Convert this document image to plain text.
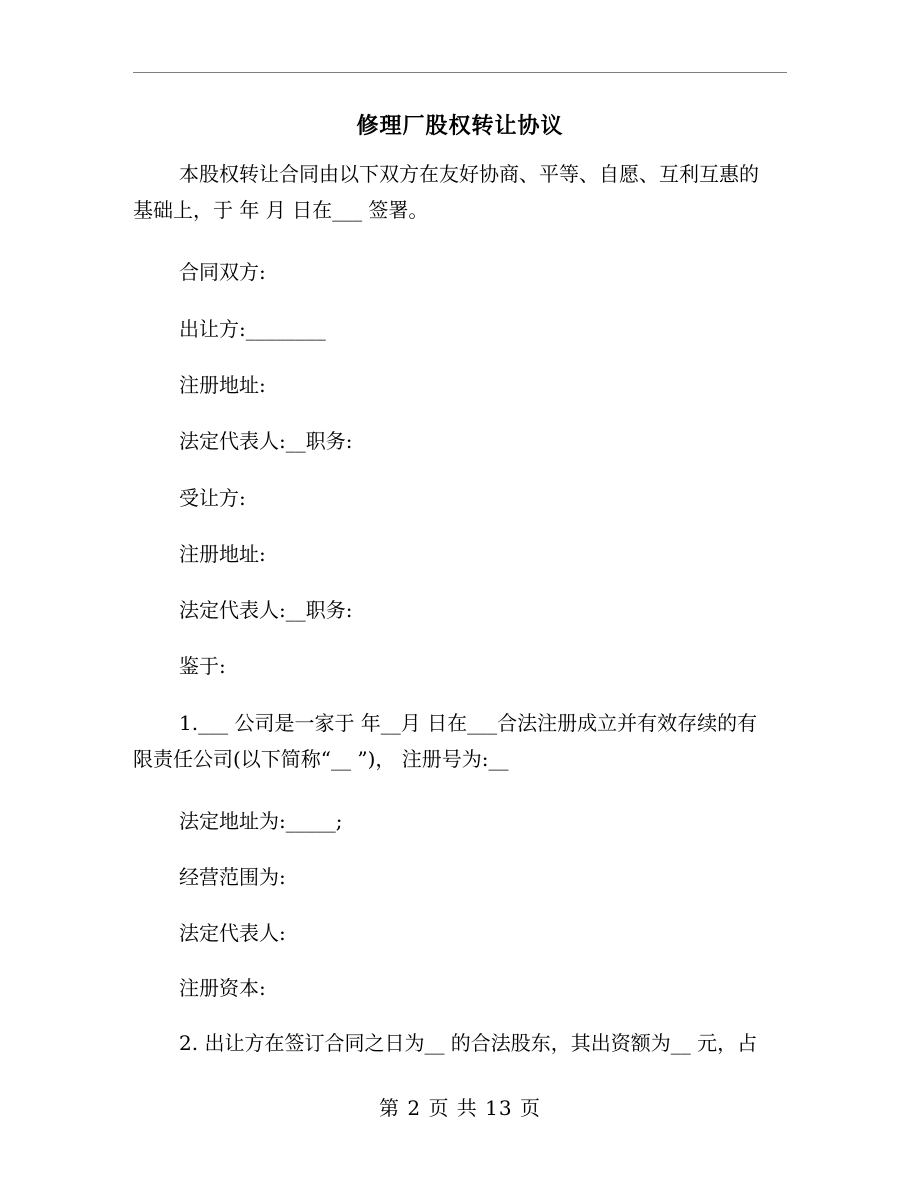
修理厂股权转让协议
本股权转让合同由以下双方在友好协商、平等、自愿、互利互惠的
基础上，于 年 月 日在___ 签署。
合同双方:
出让方:________
注册地址:
法定代表人:__职务:
受让方:
注册地址:
法定代表人:__职务:
鉴于:
1.___ 公司是一家于 年__月 日在___合法注册成立并有效存续的有
限责任公司(以下简称“__ ”)， 注册号为:__
法定地址为:_____;
经营范围为:
法定代表人:
注册资本:
2. 出让方在签订合同之日为__ 的合法股东，其出资额为__ 元，占
第 2 页 共 13 页
